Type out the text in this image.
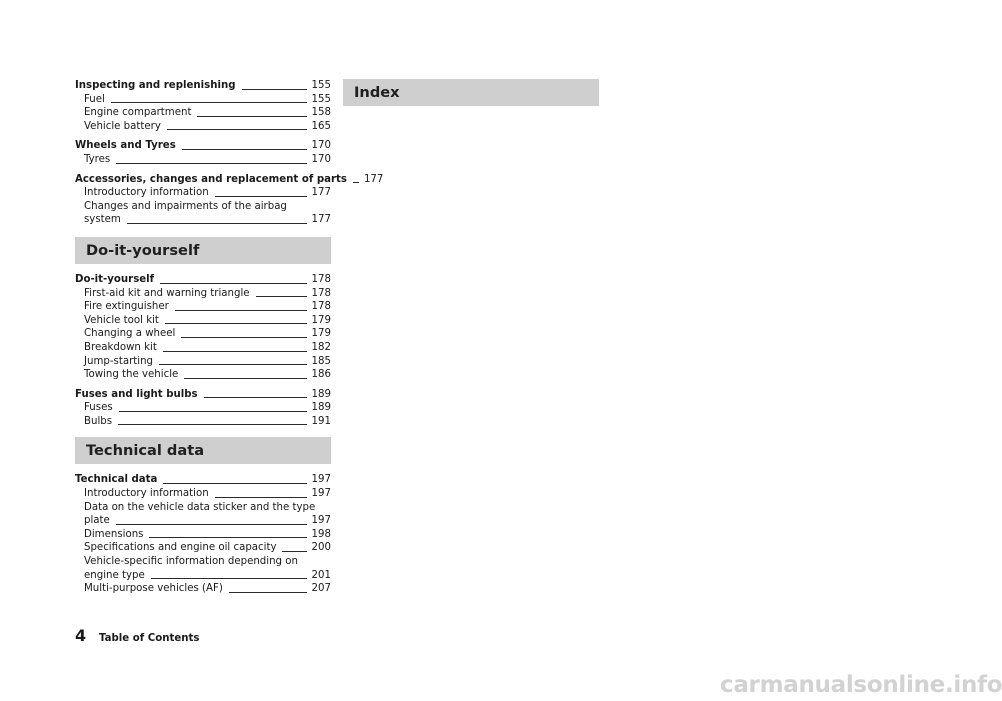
Inspecting and replenishing	155
Fuel	155
Engine compartment	158
Vehicle battery	165
Wheels and Tyres	170
Tyres	170
Accessories, changes and replacement of parts	177
Introductory information	177
Changes and impairments of the airbag
system	177
Do-it-yourself
Do-it-yourself	178
First-aid kit and warning triangle	178
Fire extinguisher	178
Vehicle tool kit	179
Changing a wheel	179
Breakdown kit	182
Jump-starting	185
Towing the vehicle	186
Fuses and light bulbs	189
Fuses	189
Bulbs	191
Technical data
Technical data	197
Introductory information	197
Data on the vehicle data sticker and the type
plate	197
Dimensions	198
Specifications and engine oil capacity	200
Vehicle-specific information depending on
engine type	201
Multi-purpose vehicles (AF)	207
Index
4	Table of Contents
carmanualsonline.info
